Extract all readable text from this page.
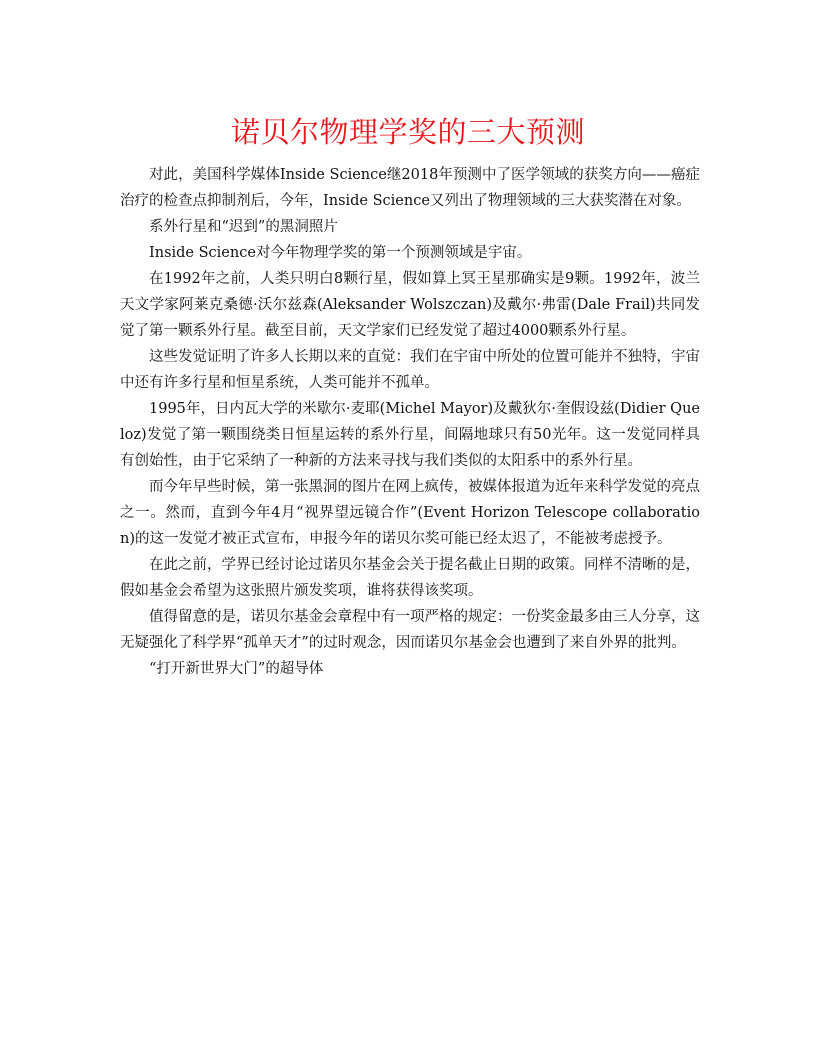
诺贝尔物理学奖的三大预测

对此，美国科学媒体Inside Science继2018年预测中了医学领域的获奖方向——癌症治疗的检查点抑制剂后，今年，Inside Science又列出了物理领域的三大获奖潜在对象。

系外行星和“迟到”的黑洞照片

Inside Science对今年物理学奖的第一个预测领域是宇宙。

在1992年之前，人类只明白8颗行星，假如算上冥王星那确实是9颗。1992年，波兰天文学家阿莱克桑德·沃尔兹森(Aleksander Wolszczan)及戴尔·弗雷(Dale Frail)共同发觉了第一颗系外行星。截至目前，天文学家们已经发觉了超过4000颗系外行星。

这些发觉证明了许多人长期以来的直觉：我们在宇宙中所处的位置可能并不独特，宇宙中还有许多行星和恒星系统，人类可能并不孤单。

1995年，日内瓦大学的米歇尔·麦耶(Michel Mayor)及戴狄尔·奎假设兹(Didier Queloz)发觉了第一颗围绕类日恒星运转的系外行星，间隔地球只有50光年。这一发觉同样具有创始性，由于它采纳了一种新的方法来寻找与我们类似的太阳系中的系外行星。

而今年早些时候，第一张黑洞的图片在网上疯传，被媒体报道为近年来科学发觉的亮点之一。然而，直到今年4月“视界望远镜合作”(Event Horizon Telescope collaboration)的这一发觉才被正式宣布，申报今年的诺贝尔奖可能已经太迟了，不能被考虑授予。

在此之前，学界已经讨论过诺贝尔基金会关于提名截止日期的政策。同样不清晰的是，假如基金会希望为这张照片颁发奖项，谁将获得该奖项。

值得留意的是，诺贝尔基金会章程中有一项严格的规定：一份奖金最多由三人分享，这无疑强化了科学界“孤单天才”的过时观念，因而诺贝尔基金会也遭到了来自外界的批判。

“打开新世界大门”的超导体
